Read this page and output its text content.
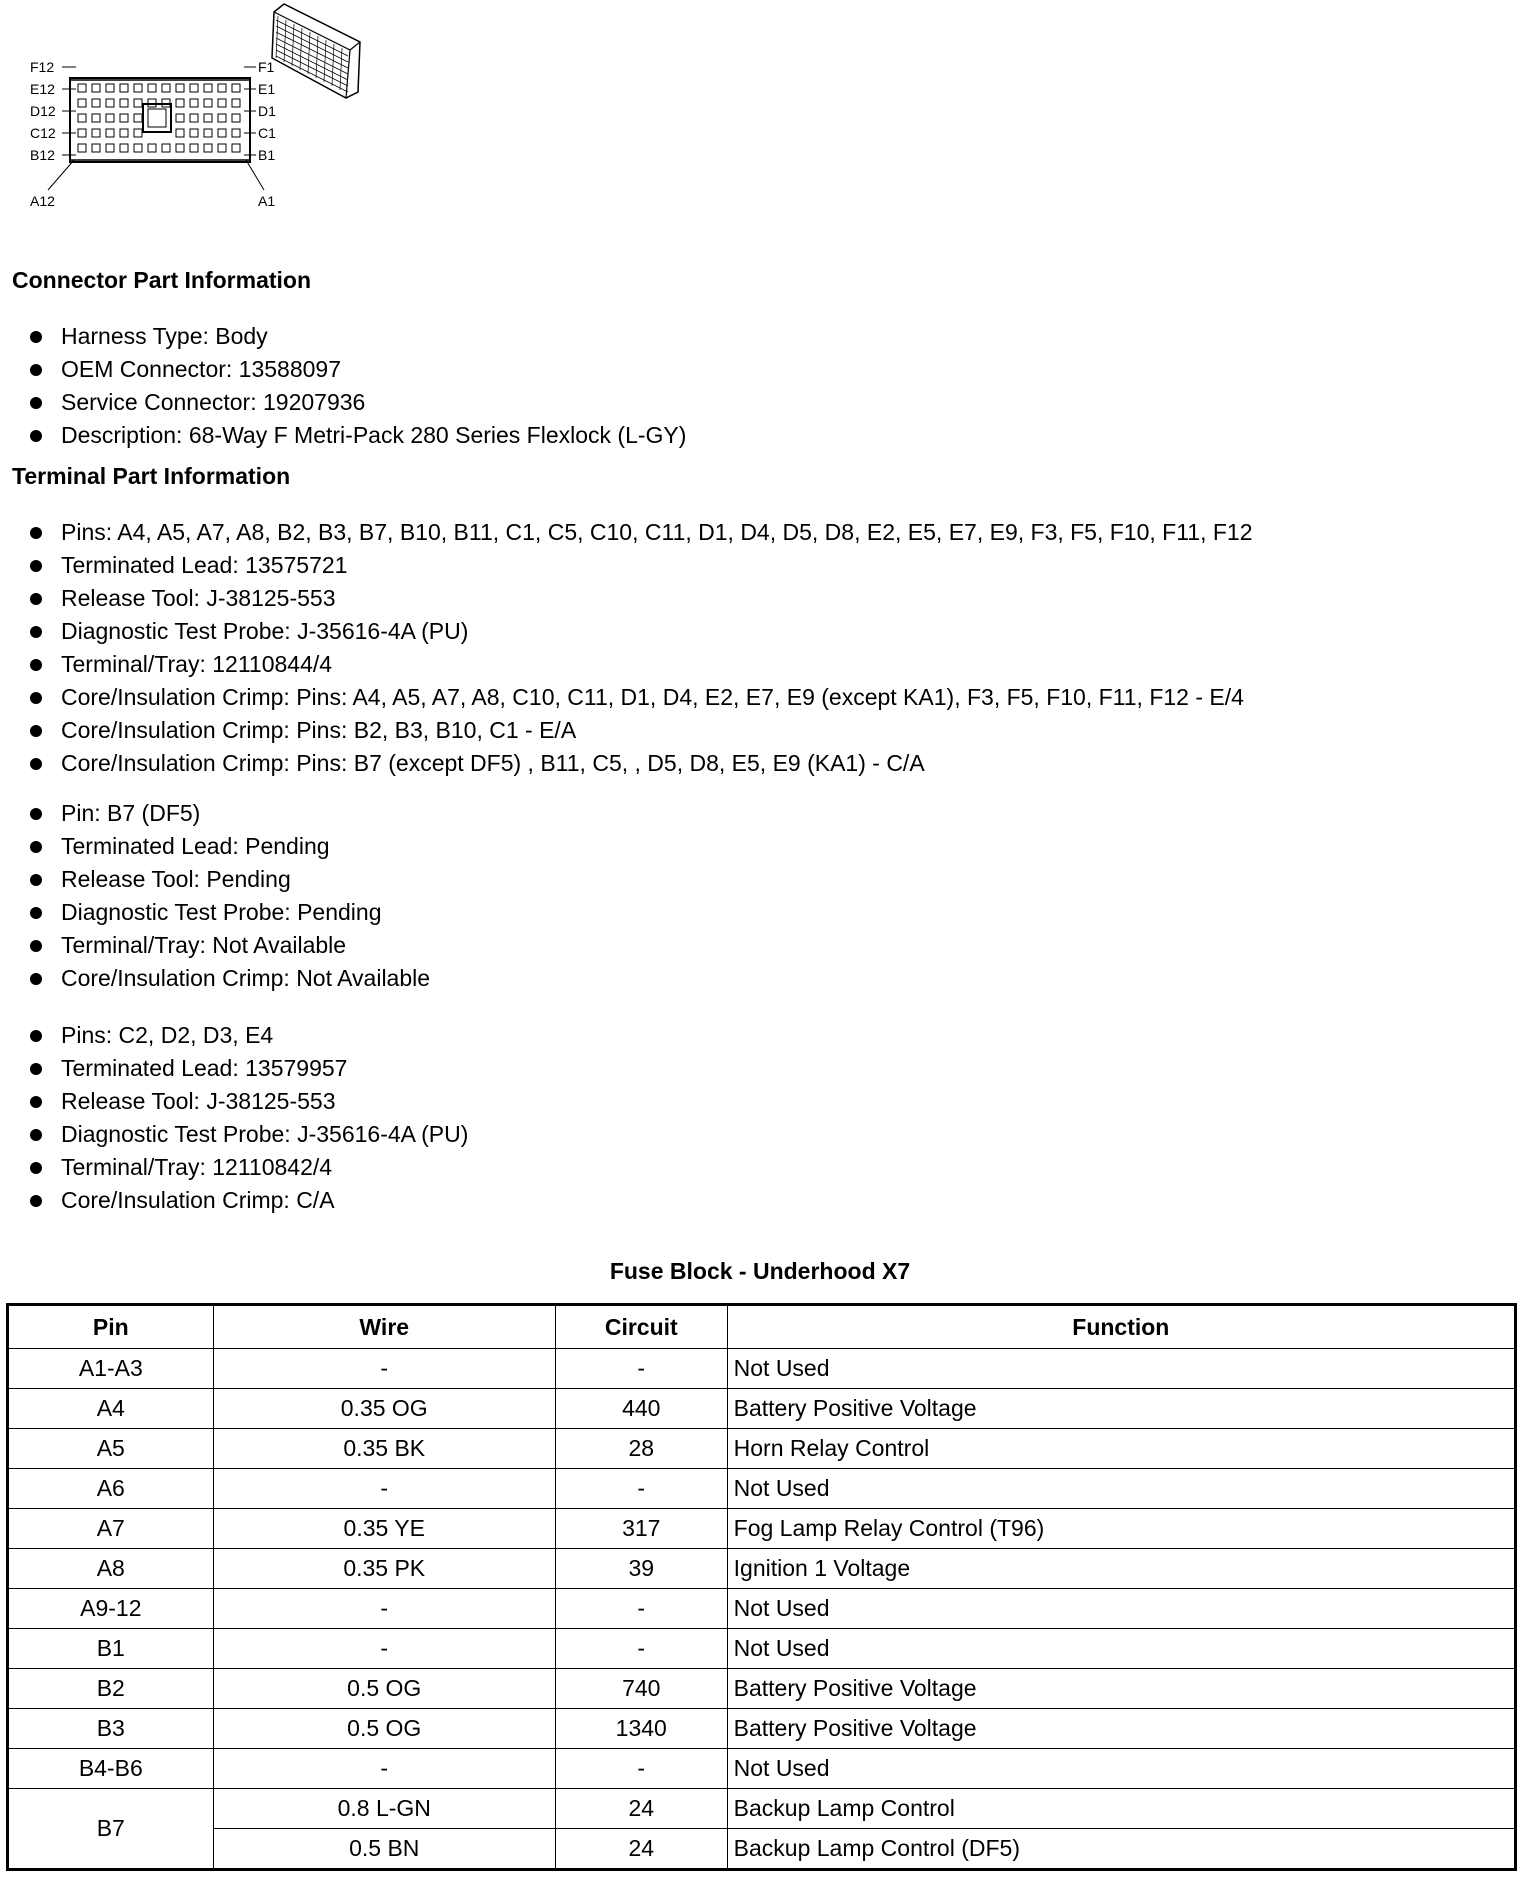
F12
E12
D12
C12
B12
A12
F1
E1
D1
C1
B1
A1
Connector Part Information
Harness Type: Body
OEM Connector: 13588097
Service Connector: 19207936
Description: 68-Way F Metri-Pack 280 Series Flexlock (L-GY)
Terminal Part Information
Pins: A4, A5, A7, A8, B2, B3, B7, B10, B11, C1, C5, C10, C11, D1, D4, D5, D8, E2, E5, E7, E9, F3, F5, F10, F11, F12
Terminated Lead: 13575721
Release Tool: J-38125-553
Diagnostic Test Probe: J-35616-4A (PU)
Terminal/Tray: 12110844/4
Core/Insulation Crimp: Pins: A4, A5, A7, A8, C10, C11, D1, D4, E2, E7, E9 (except KA1), F3, F5, F10, F11, F12 - E/4
Core/Insulation Crimp: Pins: B2, B3, B10, C1 - E/A
Core/Insulation Crimp: Pins: B7 (except DF5) , B11, C5, , D5, D8, E5, E9 (KA1) - C/A
Pin: B7 (DF5)
Terminated Lead: Pending
Release Tool: Pending
Diagnostic Test Probe: Pending
Terminal/Tray: Not Available
Core/Insulation Crimp: Not Available
Pins: C2, D2, D3, E4
Terminated Lead: 13579957
Release Tool: J-38125-553
Diagnostic Test Probe: J-35616-4A (PU)
Terminal/Tray: 12110842/4
Core/Insulation Crimp: C/A
Fuse Block - Underhood X7
Pin	Wire	Circuit	Function
A1-A3	-	-	Not Used
A4	0.35 OG	440	Battery Positive Voltage
A5	0.35 BK	28	Horn Relay Control
A6	-	-	Not Used
A7	0.35 YE	317	Fog Lamp Relay Control (T96)
A8	0.35 PK	39	Ignition 1 Voltage
A9-12	-	-	Not Used
B1	-	-	Not Used
B2	0.5 OG	740	Battery Positive Voltage
B3	0.5 OG	1340	Battery Positive Voltage
B4-B6	-	-	Not Used
B7	0.8 L-GN	24	Backup Lamp Control
	0.5 BN	24	Backup Lamp Control (DF5)
